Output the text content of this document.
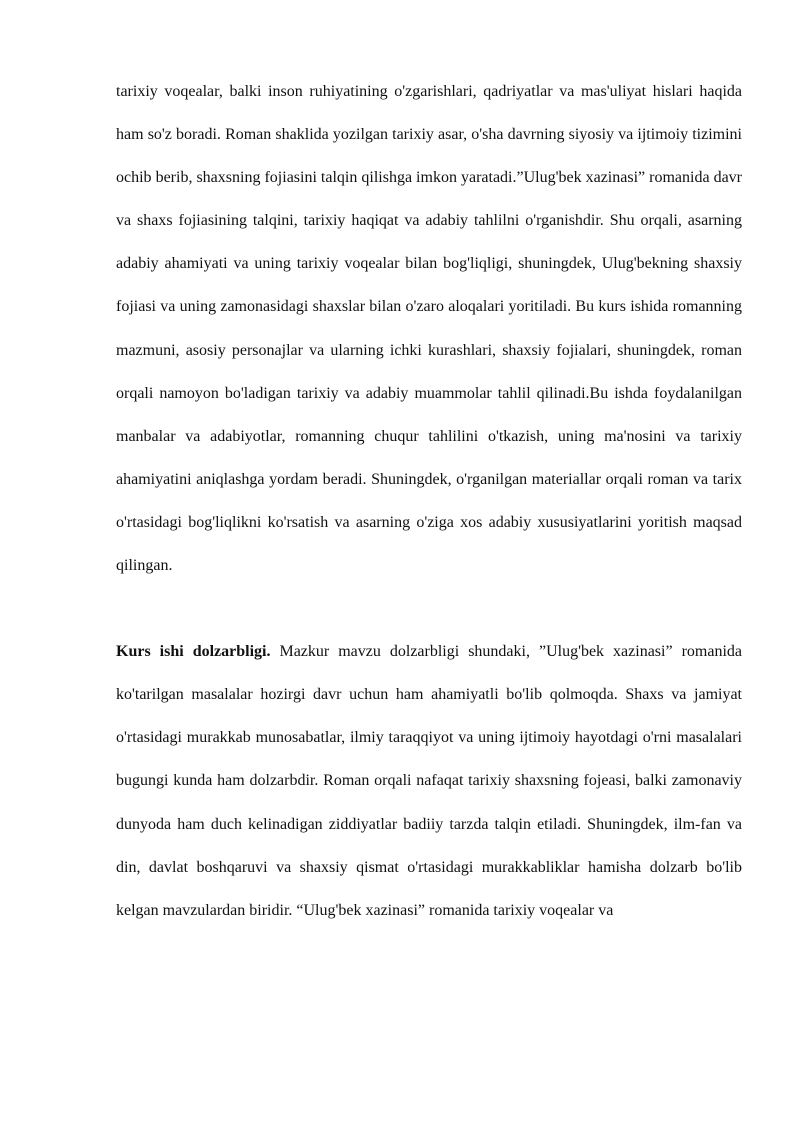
tarixiy voqealar, balki inson ruhiyatining o'zgarishlari, qadriyatlar va mas'uliyat hislari haqida ham so'z boradi. Roman shaklida yozilgan tarixiy asar, o'sha davrning siyosiy va ijtimoiy tizimini ochib berib, shaxsning fojiasini talqin qilishga imkon yaratadi.”Ulug'bek xazinasi” romanida davr va shaxs fojiasining talqini, tarixiy haqiqat va adabiy tahlilni o'rganishdir. Shu orqali, asarning adabiy ahamiyati va uning tarixiy voqealar bilan bog'liqligi, shuningdek, Ulug'bekning shaxsiy fojiasi va uning zamonasidagi shaxslar bilan o'zaro aloqalari yoritiladi. Bu kurs ishida romanning mazmuni, asosiy personajlar va ularning ichki kurashlari, shaxsiy fojialari, shuningdek, roman orqali namoyon bo'ladigan tarixiy va adabiy muammolar tahlil qilinadi.Bu ishda foydalanilgan manbalar va adabiyotlar, romanning chuqur tahlilini o'tkazish, uning ma'nosini va tarixiy ahamiyatini aniqlashga yordam beradi. Shuningdek, o'rganilgan materiallar orqali roman va tarix o'rtasidagi bog'liqlikni ko'rsatish va asarning o'ziga xos adabiy xususiyatlarini yoritish maqsad qilingan.

Kurs ishi dolzarbligi. Mazkur mavzu dolzarbligi shundaki, ”Ulug'bek xazinasi” romanida ko'tarilgan masalalar hozirgi davr uchun ham ahamiyatli bo'lib qolmoqda. Shaxs va jamiyat o'rtasidagi murakkab munosabatlar, ilmiy taraqqiyot va uning ijtimoiy hayotdagi o'rni masalalari bugungi kunda ham dolzarbdir. Roman orqali nafaqat tarixiy shaxsning fojeasi, balki zamonaviy dunyoda ham duch kelinadigan ziddiyatlar badiiy tarzda talqin etiladi. Shuningdek, ilm-fan va din, davlat boshqaruvi va shaxsiy qismat o'rtasidagi murakkabliklar hamisha dolzarb bo'lib kelgan mavzulardan biridir. “Ulug'bek xazinasi” romanida tarixiy voqealar va
